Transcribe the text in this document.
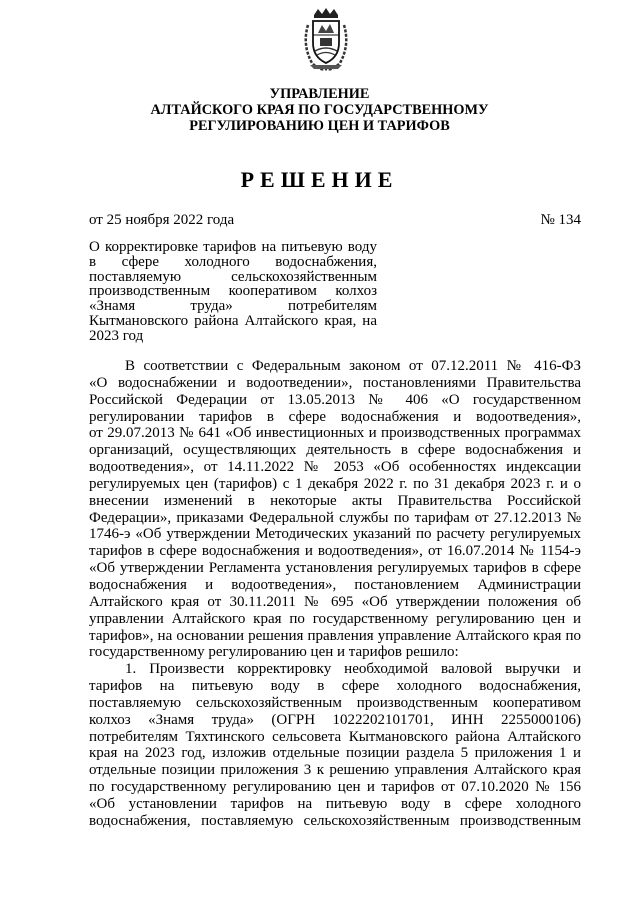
УПРАВЛЕНИЕ
АЛТАЙСКОГО КРАЯ ПО ГОСУДАРСТВЕННОМУ
РЕГУЛИРОВАНИЮ ЦЕН И ТАРИФОВ
РЕШЕНИЕ
от 25 ноября 2022 года	№ 134
О корректировке тарифов на питьевую воду
в сфере холодного водоснабжения,
поставляемую сельскохозяйственным
производственным кооперативом колхоз
«Знамя труда» потребителям
Кытмановского района Алтайского края, на
2023 год
В соответствии с Федеральным законом от 07.12.2011 № 416-ФЗ
«О водоснабжении и водоотведении», постановлениями Правительства
Российской Федерации от 13.05.2013 № 406 «О государственном
регулировании тарифов в сфере водоснабжения и водоотведения»,
от 29.07.2013 № 641 «Об инвестиционных и производственных программах
организаций, осуществляющих деятельность в сфере водоснабжения и
водоотведения», от 14.11.2022 № 2053 «Об особенностях индексации
регулируемых цен (тарифов) с 1 декабря 2022 г. по 31 декабря 2023 г. и о
внесении изменений в некоторые акты Правительства Российской
Федерации», приказами Федеральной службы по тарифам от 27.12.2013 №
1746-э «Об утверждении Методических указаний по расчету регулируемых
тарифов в сфере водоснабжения и водоотведения», от 16.07.2014 № 1154-э
«Об утверждении Регламента установления регулируемых тарифов в сфере
водоснабжения и водоотведения», постановлением Администрации
Алтайского края от 30.11.2011 № 695 «Об утверждении положения об
управлении Алтайского края по государственному регулированию цен и
тарифов», на основании решения правления управление Алтайского края по
государственному регулированию цен и тарифов решило:
1. Произвести корректировку необходимой валовой выручки и
тарифов на питьевую воду в сфере холодного водоснабжения,
поставляемую сельскохозяйственным производственным кооперативом
колхоз «Знамя труда» (ОГРН 1022202101701, ИНН 2255000106)
потребителям Тяхтинского сельсовета Кытмановского района Алтайского
края на 2023 год, изложив отдельные позиции раздела 5 приложения 1 и
отдельные позиции приложения 3 к решению управления Алтайского края
по государственному регулированию цен и тарифов от 07.10.2020 № 156
«Об установлении тарифов на питьевую воду в сфере холодного
водоснабжения, поставляемую сельскохозяйственным производственным
